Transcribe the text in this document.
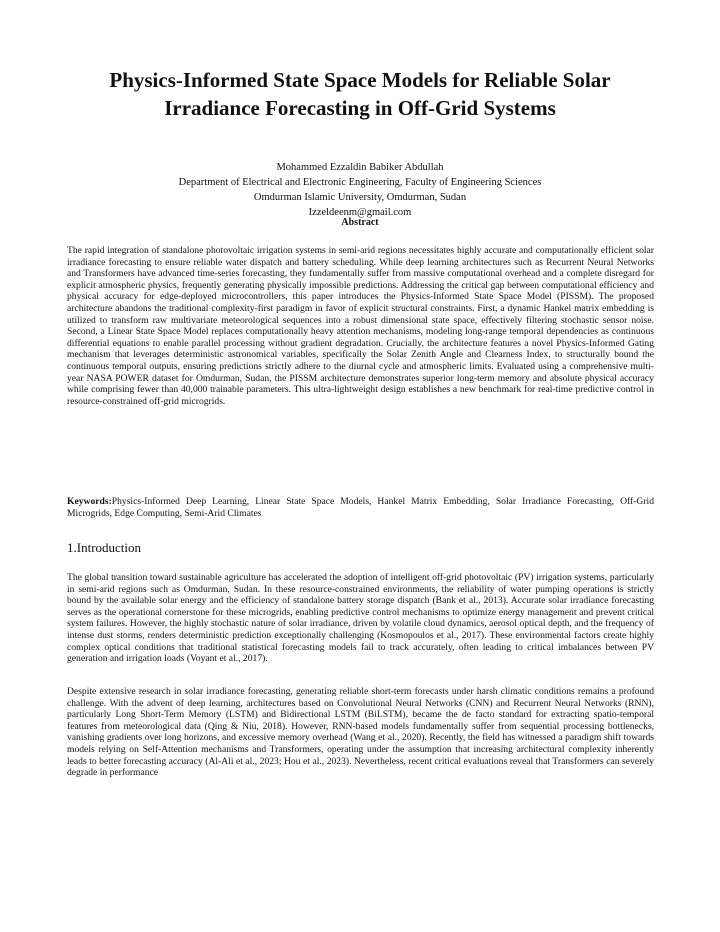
Physics-Informed State Space Models for Reliable Solar Irradiance Forecasting in Off-Grid Systems
Mohammed Ezzaldin Babiker Abdullah
Department of Electrical and Electronic Engineering, Faculty of Engineering Sciences
Omdurman Islamic University, Omdurman, Sudan
Izzeldeenm@gmail.com
Abstract

The rapid integration of standalone photovoltaic irrigation systems in semi-arid regions necessitates highly accurate and computationally efficient solar irradiance forecasting to ensure reliable water dispatch and battery scheduling. While deep learning architectures such as Recurrent Neural Networks and Transformers have advanced time-series forecasting, they fundamentally suffer from massive computational overhead and a complete disregard for explicit atmospheric physics, frequently generating physically impossible predictions. Addressing the critical gap between computational efficiency and physical accuracy for edge-deployed microcontrollers, this paper introduces the Physics-Informed State Space Model (PISSM). The proposed architecture abandons the traditional complexity-first paradigm in favor of explicit structural constraints. First, a dynamic Hankel matrix embedding is utilized to transform raw multivariate meteorological sequences into a robust dimensional state space, effectively filtering stochastic sensor noise. Second, a Linear State Space Model replaces computationally heavy attention mechanisms, modeling long-range temporal dependencies as continuous differential equations to enable parallel processing without gradient degradation. Crucially, the architecture features a novel Physics-Informed Gating mechanism that leverages deterministic astronomical variables, specifically the Solar Zenith Angle and Clearness Index, to structurally bound the continuous temporal outputs, ensuring predictions strictly adhere to the diurnal cycle and atmospheric limits. Evaluated using a comprehensive multi-year NASA POWER dataset for Omdurman, Sudan, the PISSM architecture demonstrates superior long-term memory and absolute physical accuracy while comprising fewer than 40,000 trainable parameters. This ultra-lightweight design establishes a new benchmark for real-time predictive control in resource-constrained off-grid microgrids.

Keywords:Physics-Informed Deep Learning, Linear State Space Models, Hankel Matrix Embedding, Solar Irradiance Forecasting, Off-Grid Microgrids, Edge Computing, Semi-Arid Climates

1.Introduction

The global transition toward sustainable agriculture has accelerated the adoption of intelligent off-grid photovoltaic (PV) irrigation systems, particularly in semi-arid regions such as Omdurman, Sudan. In these resource-constrained environments, the reliability of water pumping operations is strictly bound by the available solar energy and the efficiency of standalone battery storage dispatch (Bank et al., 2013). Accurate solar irradiance forecasting serves as the operational cornerstone for these microgrids, enabling predictive control mechanisms to optimize energy management and prevent critical system failures. However, the highly stochastic nature of solar irradiance, driven by volatile cloud dynamics, aerosol optical depth, and the frequency of intense dust storms, renders deterministic prediction exceptionally challenging (Kosmopoulos et al., 2017). These environmental factors create highly complex optical conditions that traditional statistical forecasting models fail to track accurately, often leading to critical imbalances between PV generation and irrigation loads (Voyant et al., 2017).

Despite extensive research in solar irradiance forecasting, generating reliable short-term forecasts under harsh climatic conditions remains a profound challenge. With the advent of deep learning, architectures based on Convolutional Neural Networks (CNN) and Recurrent Neural Networks (RNN), particularly Long Short-Term Memory (LSTM) and Bidirectional LSTM (BiLSTM), became the de facto standard for extracting spatio-temporal features from meteorological data (Qing & Niu, 2018). However, RNN-based models fundamentally suffer from sequential processing bottlenecks, vanishing gradients over long horizons, and excessive memory overhead (Wang et al., 2020). Recently, the field has witnessed a paradigm shift towards models relying on Self-Attention mechanisms and Transformers, operating under the assumption that increasing architectural complexity inherently leads to better forecasting accuracy (Al-Ali et al., 2023; Hou et al., 2023). Nevertheless, recent critical evaluations reveal that Transformers can severely degrade in performance
